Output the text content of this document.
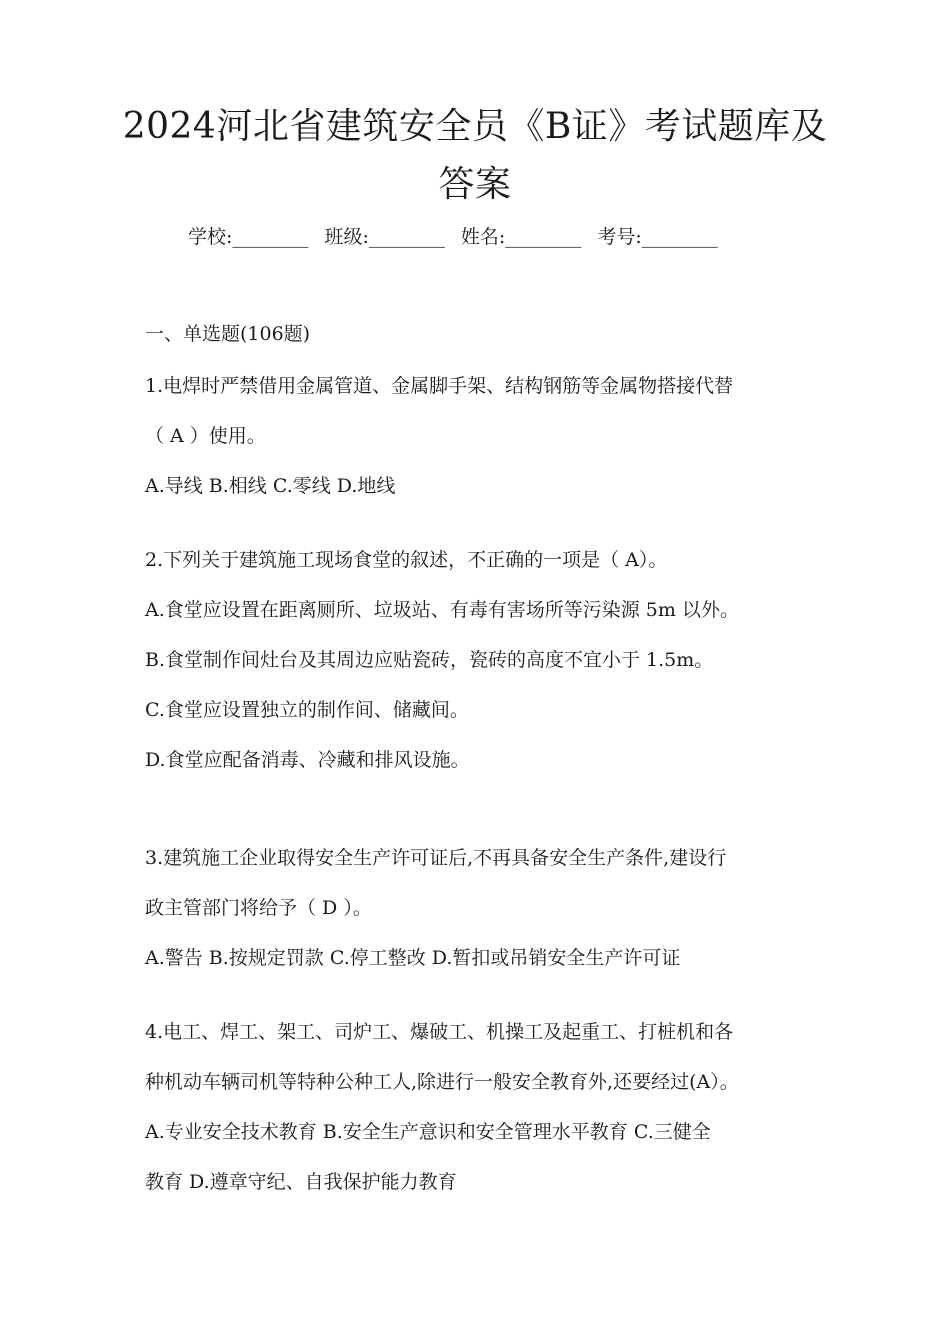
2024河北省建筑安全员《B证》考试题库及
答案
学校:________ 班级:________ 姓名:________ 考号:________
一、单选题(106题)
1.电焊时严禁借用金属管道、金属脚手架、结构钢筋等金属物搭接代替
（ A ）使用。
A.导线 B.相线 C.零线 D.地线
2.下列关于建筑施工现场食堂的叙述，不正确的一项是（ A）。
A.食堂应设置在距离厕所、垃圾站、有毒有害场所等污染源 5m 以外。
B.食堂制作间灶台及其周边应贴瓷砖，瓷砖的高度不宜小于 1.5m。
C.食堂应设置独立的制作间、储藏间。
D.食堂应配备消毒、冷藏和排风设施。
3.建筑施工企业取得安全生产许可证后,不再具备安全生产条件,建设行
政主管部门将给予（ D ）。
A.警告 B.按规定罚款 C.停工整改 D.暂扣或吊销安全生产许可证
4.电工、焊工、架工、司炉工、爆破工、机操工及起重工、打桩机和各
种机动车辆司机等特种公种工人,除进行一般安全教育外,还要经过(A）。
A.专业安全技术教育 B.安全生产意识和安全管理水平教育 C.三健全
教育 D.遵章守纪、自我保护能力教育
